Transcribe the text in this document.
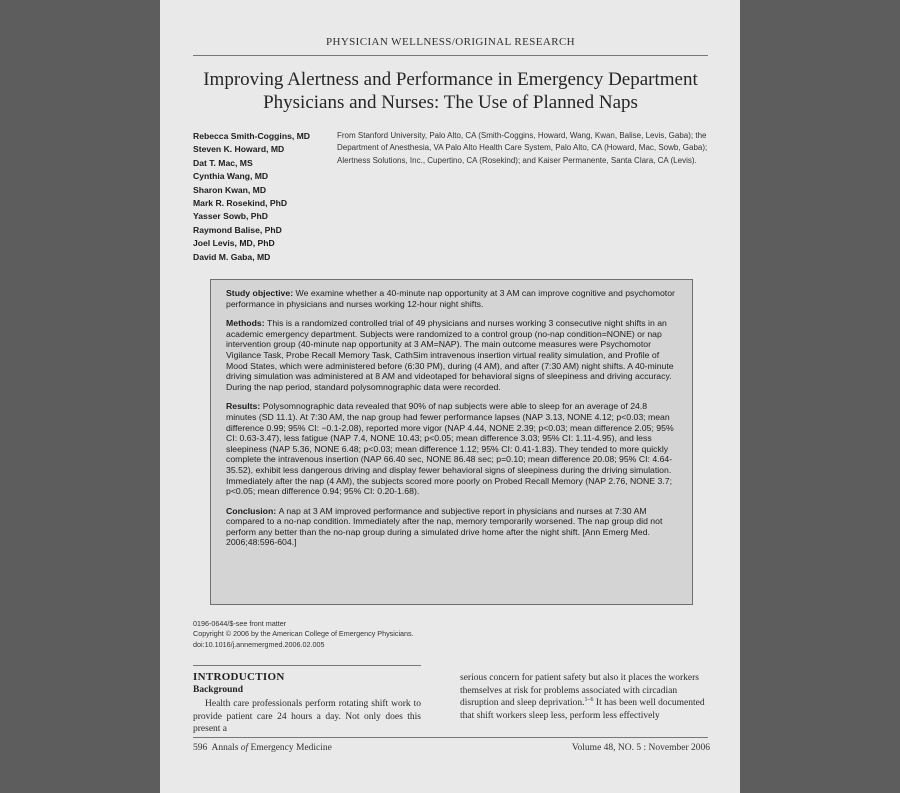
PHYSICIAN WELLNESS/ORIGINAL RESEARCH
Improving Alertness and Performance in Emergency Department
Physicians and Nurses: The Use of Planned Naps
Rebecca Smith-Coggins, MD
Steven K. Howard, MD
Dat T. Mac, MS
Cynthia Wang, MD
Sharon Kwan, MD
Mark R. Rosekind, PhD
Yasser Sowb, PhD
Raymond Balise, PhD
Joel Levis, MD, PhD
David M. Gaba, MD
From Stanford University, Palo Alto, CA (Smith-Coggins, Howard, Wang, Kwan, Balise, Levis, Gaba); the Department of Anesthesia, VA Palo Alto Health Care System, Palo Alto, CA (Howard, Mac, Sowb, Gaba); Alertness Solutions, Inc., Cupertino, CA (Rosekind); and Kaiser Permanente, Santa Clara, CA (Levis).

Study objective: We examine whether a 40-minute nap opportunity at 3 AM can improve cognitive and psychomotor performance in physicians and nurses working 12-hour night shifts.

Methods: This is a randomized controlled trial of 49 physicians and nurses working 3 consecutive night shifts in an academic emergency department. Subjects were randomized to a control group (no-nap condition=NONE) or nap intervention group (40-minute nap opportunity at 3 AM=NAP). The main outcome measures were Psychomotor Vigilance Task, Probe Recall Memory Task, CathSim intravenous insertion virtual reality simulation, and Profile of Mood States, which were administered before (6:30 PM), during (4 AM), and after (7:30 AM) night shifts. A 40-minute driving simulation was administered at 8 AM and videotaped for behavioral signs of sleepiness and driving accuracy. During the nap period, standard polysomnographic data were recorded.

Results: Polysomnographic data revealed that 90% of nap subjects were able to sleep for an average of 24.8 minutes (SD 11.1). At 7:30 AM, the nap group had fewer performance lapses (NAP 3.13, NONE 4.12; p<0.03; mean difference 0.99; 95% CI: −0.1-2.08), reported more vigor (NAP 4.44, NONE 2.39; p<0.03; mean difference 2.05; 95% CI: 0.63-3.47), less fatigue (NAP 7.4, NONE 10.43; p<0.05; mean difference 3.03; 95% CI: 1.11-4.95), and less sleepiness (NAP 5.36, NONE 6.48; p<0.03; mean difference 1.12; 95% CI: 0.41-1.83). They tended to more quickly complete the intravenous insertion (NAP 66.40 sec, NONE 86.48 sec; p=0.10; mean difference 20.08; 95% CI: 4.64-35.52), exhibit less dangerous driving and display fewer behavioral signs of sleepiness during the driving simulation. Immediately after the nap (4 AM), the subjects scored more poorly on Probed Recall Memory (NAP 2.76, NONE 3.7; p<0.05; mean difference 0.94; 95% CI: 0.20-1.68).

Conclusion: A nap at 3 AM improved performance and subjective report in physicians and nurses at 7:30 AM compared to a no-nap condition. Immediately after the nap, memory temporarily worsened. The nap group did not perform any better than the no-nap group during a simulated drive home after the night shift. [Ann Emerg Med. 2006;48:596-604.]

0196-0644/$-see front matter
Copyright © 2006 by the American College of Emergency Physicians.
doi:10.1016/j.annemergmed.2006.02.005
INTRODUCTION
Background
Health care professionals perform rotating shift work to provide patient care 24 hours a day. Not only does this present a
serious concern for patient safety but also it places the workers themselves at risk for problems associated with circadian disruption and sleep deprivation.$^{1-6}$ It has been well documented that shift workers sleep less, perform less effectively
596 Annals of Emergency Medicine	Volume 48, NO. 5 : November 2006
